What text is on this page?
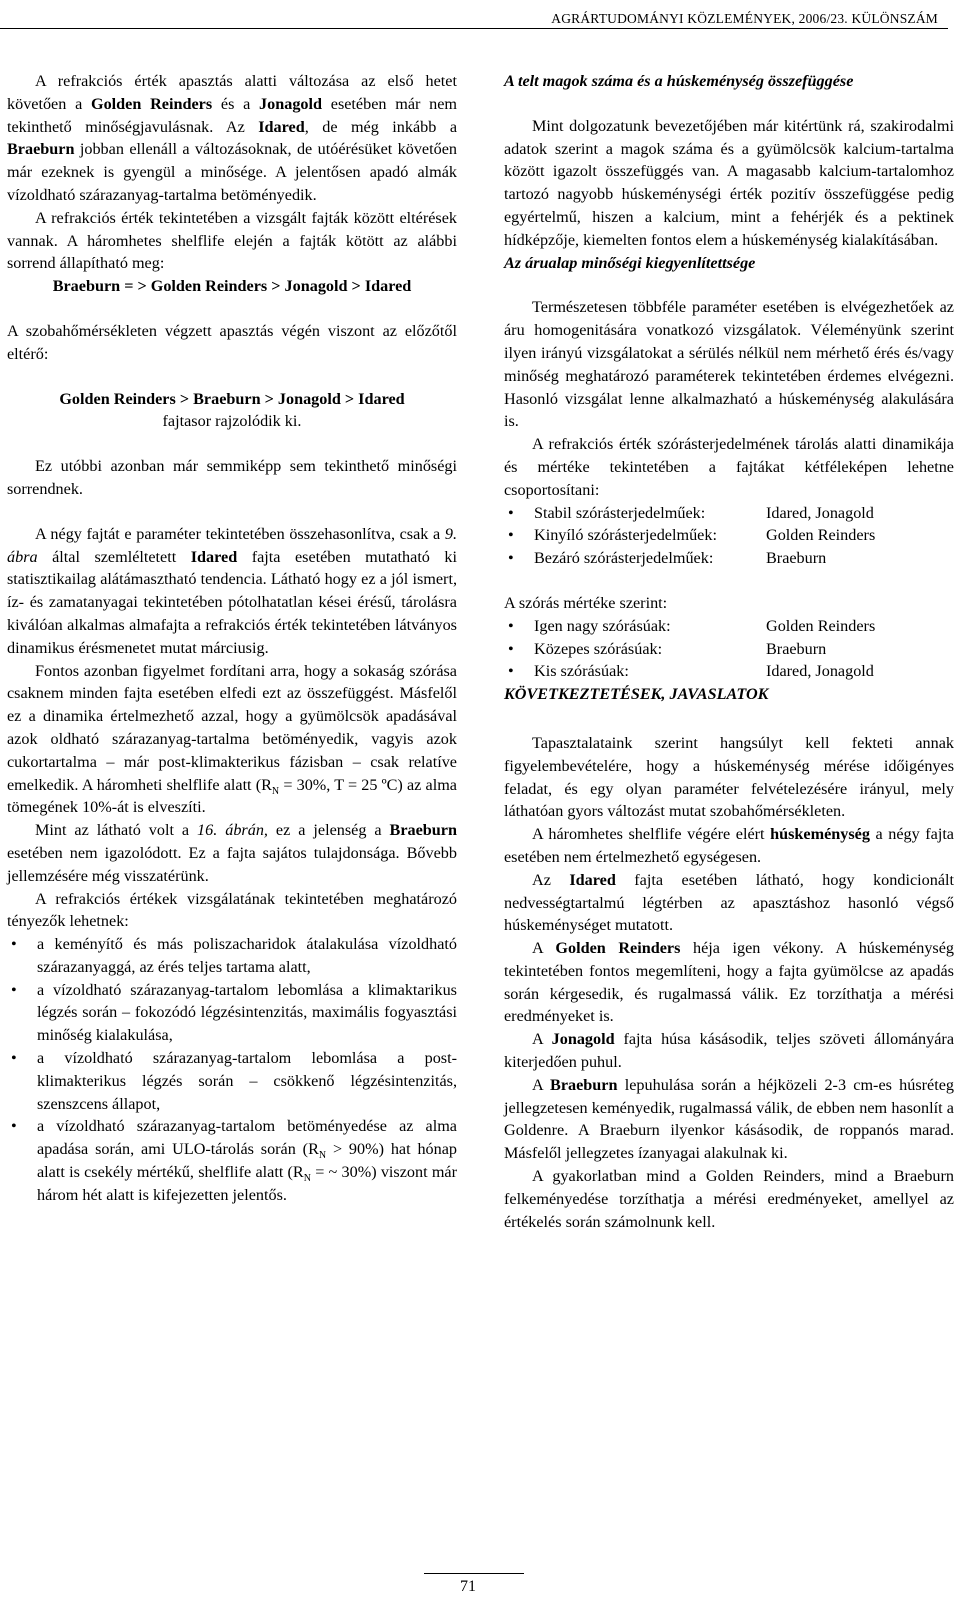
AGRÁRTUDOMÁNYI KÖZLEMÉNYEK, 2006/23. KÜLÖNSZÁM

A refrakciós érték apasztás alatti változása az első hetet követően a Golden Reinders és a Jonagold esetében már nem tekinthető minőségjavulásnak. Az Idared, de még inkább a Braeburn jobban ellenáll a változásoknak, de utóérésüket követően már ezeknek is gyengül a minősége. A jelentősen apadó almák vízoldható szárazanyag-tartalma betöményedik.

A refrakciós érték tekintetében a vizsgált fajták között eltérések vannak. A háromhetes shelflife elején a fajták kötött az alábbi sorrend állapítható meg:

Braeburn = > Golden Reinders > Jonagold > Idared

A szobahőmérsékleten végzett apasztás végén viszont az előzőtől eltérő:

Golden Reinders > Braeburn > Jonagold > Idared

fajtasor rajzolódik ki.

Ez utóbbi azonban már semmiképp sem tekinthető minőségi sorrendnek.

A négy fajtát e paraméter tekintetében összehasonlítva, csak a 9. ábra által szemléltetett Idared fajta esetében mutatható ki statisztikailag alátámasztható tendencia. Látható hogy ez a jól ismert, íz- és zamatanyagai tekintetében pótolhatatlan kései érésű, tárolásra kiválóan alkalmas almafajta a refrakciós érték tekintetében látványos dinamikus érésmenetet mutat márciusig.

Fontos azonban figyelmet fordítani arra, hogy a sokaság szórása csaknem minden fajta esetében elfedi ezt az összefüggést. Másfelől ez a dinamika értelmezhető azzal, hogy a gyümölcsök apadásával azok oldható szárazanyag-tartalma betöményedik, vagyis azok cukortartalma – már post-klimakterikus fázisban – csak relatíve emelkedik. A háromheti shelflife alatt ($R_N = 30\%$, T = 25 ºC) az alma tömegének 10%-át is elveszíti.

Mint az látható volt a 16. ábrán, ez a jelenség a Braeburn esetében nem igazolódott. Ez a fajta sajátos tulajdonsága. Bővebb jellemzésére még visszatérünk.

A refrakciós értékek vizsgálatának tekintetében meghatározó tényezők lehetnek:

• a keményítő és más poliszacharidok átalakulása vízoldható szárazanyaggá, az érés teljes tartama alatt,
• a vízoldható szárazanyag-tartalom lebomlása a klimaktarikus légzés során – fokozódó légzésintenzitás, maximális fogyasztási minőség kialakulása,
• a vízoldható szárazanyag-tartalom lebomlása a post-klimakterikus légzés során – csökkenő légzésintenzitás, szenszcens állapot,
• a vízoldható szárazanyag-tartalom betöményedése az alma apadása során, ami ULO-tárolás során $(R_N > 90\%)$ hat hónap alatt is csekély mértékű, shelflife alatt ($R_N$ = ~ 30%) viszont már három hét alatt is kifejezetten jelentős.

A telt magok száma és a húskeménység összefüggése

Mint dolgozatunk bevezetőjében már kitértünk rá, szakirodalmi adatok szerint a magok száma és a gyümölcsök kalcium-tartalma között igazolt összefüggés van. A magasabb kalcium-tartalomhoz tartozó nagyobb húskeménységi érték pozitív összefüggése pedig egyértelmű, hiszen a kalcium, mint a fehérjék és a pektinek hídképzője, kiemelten fontos elem a húskeménység kialakításában.

Az árualap minőségi kiegyenlítettsége

Természetesen többféle paraméter esetében is elvégezhetőek az áru homogenitására vonatkozó vizsgálatok. Véleményünk szerint ilyen irányú vizsgálatokat a sérülés nélkül nem mérhető érés és/vagy minőség meghatározó paraméterek tekintetében érdemes elvégezni. Hasonló vizsgálat lenne alkalmazható a húskeménység alakulására is.

A refrakciós érték szórásterjedelmének tárolás alatti dinamikája és mértéke tekintetében a fajtákat kétféleképen lehetne csoportosítani:

• Stabil szórásterjedelműek:	Idared, Jonagold
• Kinyíló szórásterjedelműek:	Golden Reinders
• Bezáró szórásterjedelműek:	Braeburn

A szórás mértéke szerint:

• Igen nagy szórásúak:	Golden Reinders
• Közepes szórásúak:	Braeburn
• Kis szórásúak:	Idared, Jonagold

KÖVETKEZTETÉSEK, JAVASLATOK

Tapasztalataink szerint hangsúlyt kell fekteti annak figyelembevételére, hogy a húskeménység mérése időigényes feladat, és egy olyan paraméter felvételezésére irányul, mely láthatóan gyors változást mutat szobahőmérsékleten.

A háromhetes shelflife végére elért húskeménység a négy fajta esetében nem értelmezhető egységesen.

Az Idared fajta esetében látható, hogy kondicionált nedvességtartalmú légtérben az apasztáshoz hasonló végső húskeménységet mutatott.

A Golden Reinders héja igen vékony. A húskeménység tekintetében fontos megemlíteni, hogy a fajta gyümölcse az apadás során kérgesedik, és rugalmassá válik. Ez torzíthatja a mérési eredményeket is.

A Jonagold fajta húsa kásásodik, teljes szöveti állományára kiterjedően puhul.

A Braeburn lepuhulása során a héjközeli 2-3 cm-es húsréteg jellegzetesen keményedik, rugalmassá válik, de ebben nem hasonlít a Goldenre. A Braeburn ilyenkor kásásodik, de roppanós marad. Másfelől jellegzetes ízanyagai alakulnak ki.

A gyakorlatban mind a Golden Reinders, mind a Braeburn felkeményedése torzíthatja a mérési eredményeket, amellyel az értékelés során számolnunk kell.

71
